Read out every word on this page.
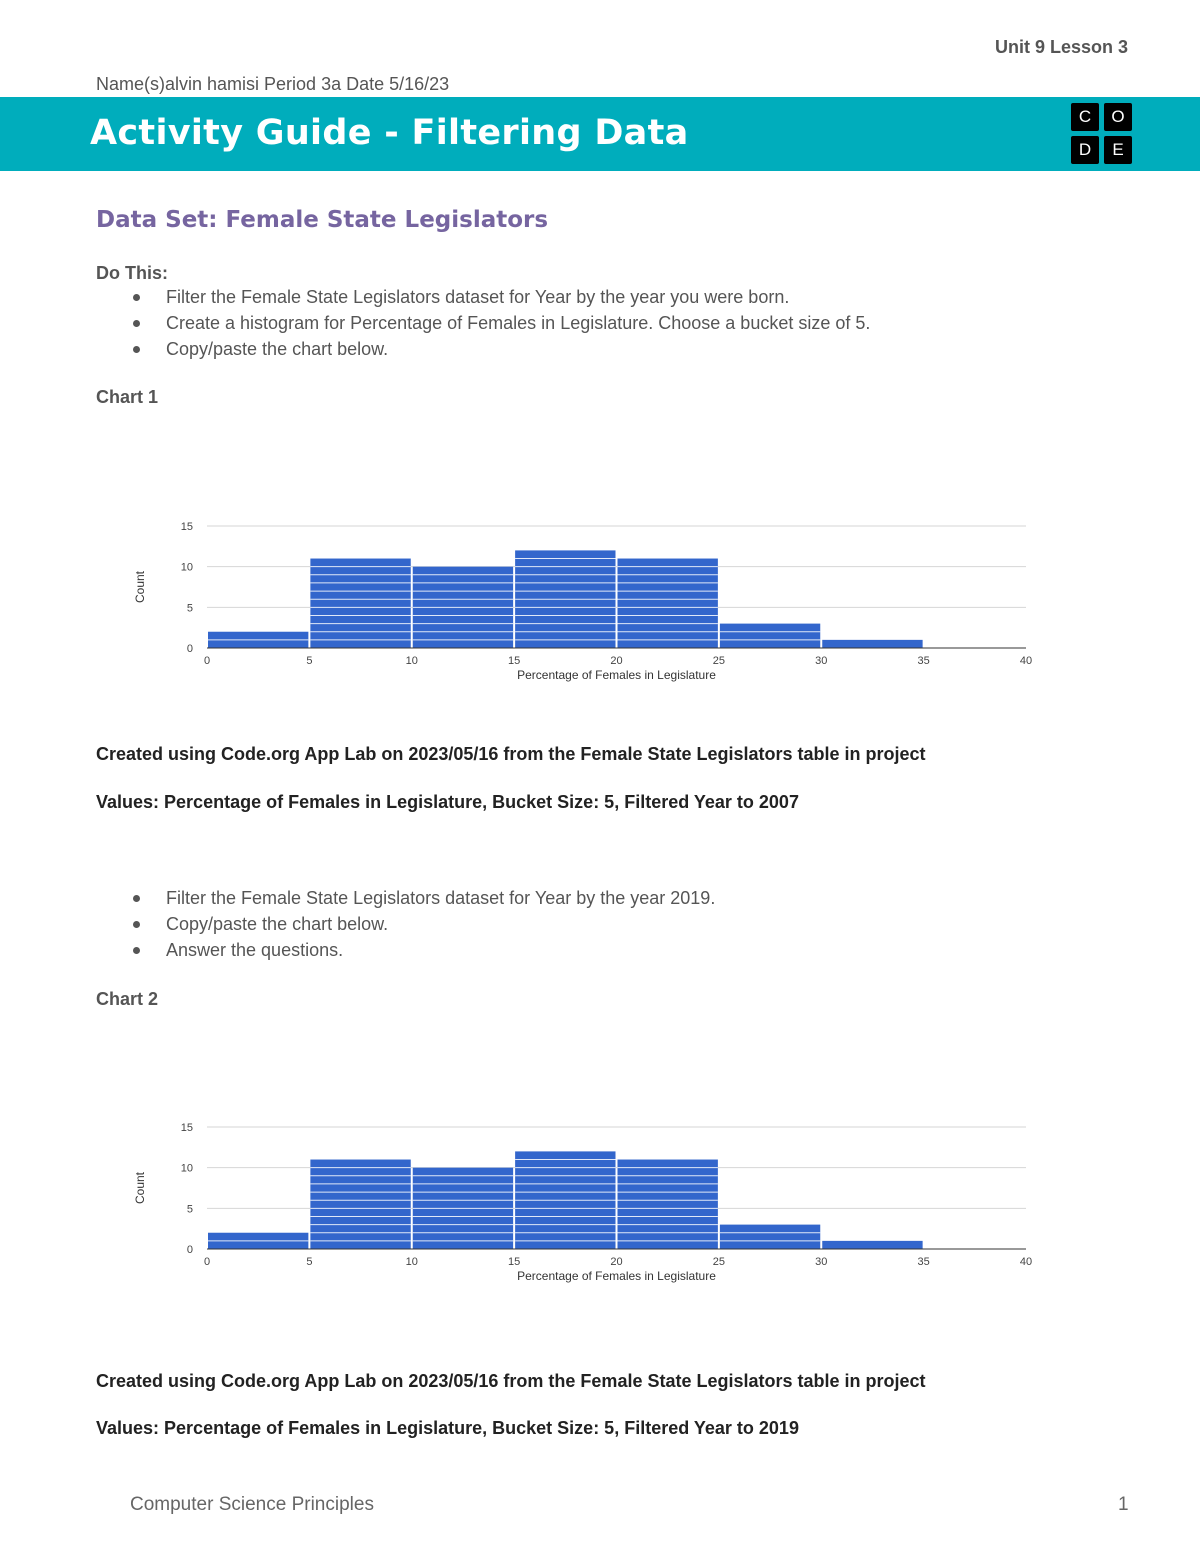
Unit 9 Lesson 3
Name(s)alvin hamisi Period 3a Date 5/16/23
Activity Guide - Filtering Data	C	O
D	E
Data Set: Female State Legislators
Do This:
Filter the Female State Legislators dataset for Year by the year you were born.
Create a histogram for Percentage of Females in Legislature. Choose a bucket size of 5.
Copy/paste the chart below.
Chart 1
0
5
10
15
0	5	10	15	20	25	30	35	40
Percentage of Females in Legislature
Count
Created using Code.org App Lab on 2023/05/16 from the Female State Legislators table in project
Values: Percentage of Females in Legislature, Bucket Size: 5, Filtered Year to 2007
Filter the Female State Legislators dataset for Year by the year 2019.
Copy/paste the chart below.
Answer the questions.
Chart 2
0
5
10
15
0	5	10	15	20	25	30	35	40
Percentage of Females in Legislature
Count
Created using Code.org App Lab on 2023/05/16 from the Female State Legislators table in project
Values: Percentage of Females in Legislature, Bucket Size: 5, Filtered Year to 2019
Computer Science Principles	1
